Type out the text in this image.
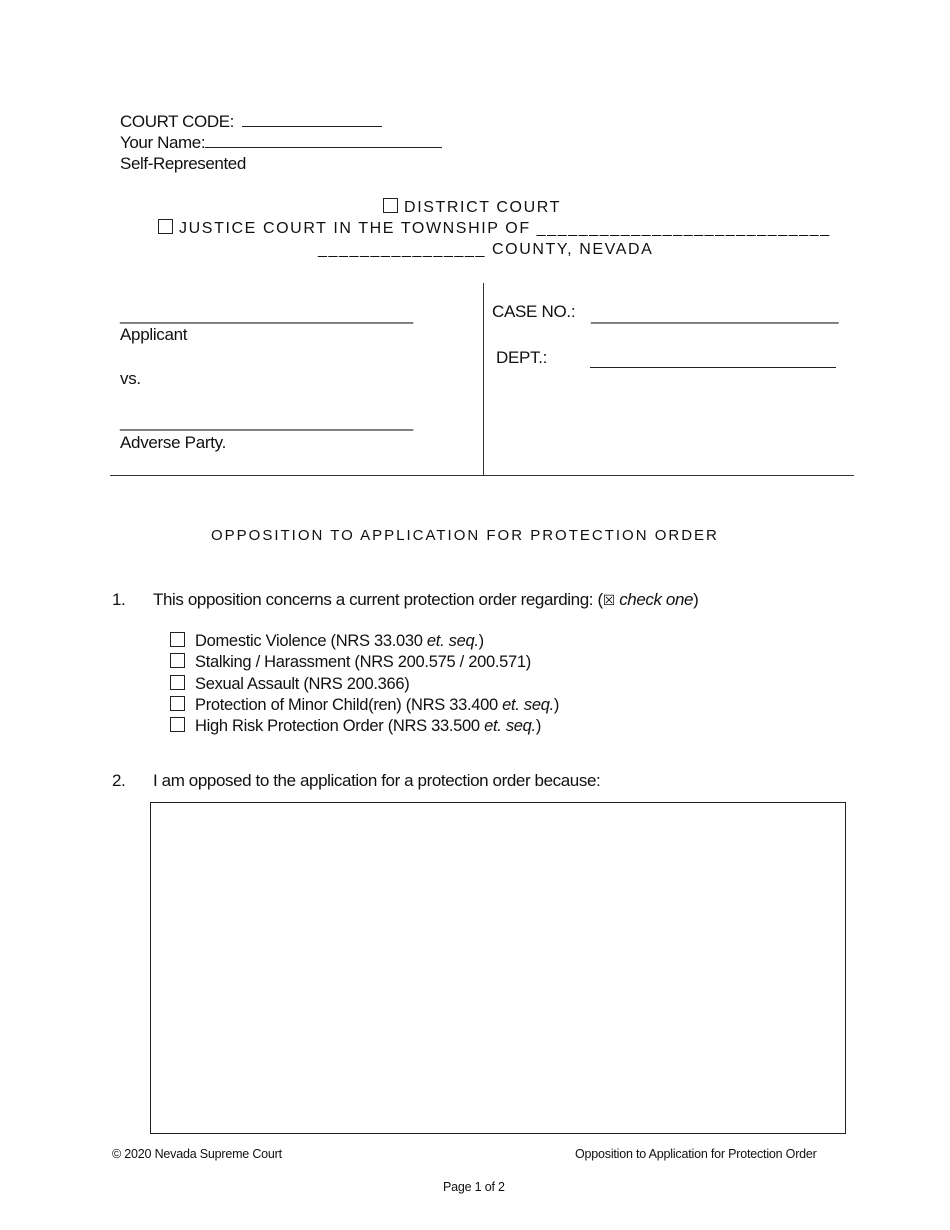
COURT CODE:
Your Name:
Self-Represented
DISTRICT COURT
JUSTICE COURT IN THE TOWNSHIP OF ____________________________
________________ COUNTY, NEVADA
________________________________
Applicant
vs.
________________________________
Adverse Party.
CASE NO.: ___________________________
DEPT.:
OPPOSITION TO APPLICATION FOR PROTECTION ORDER
1. This opposition concerns a current protection order regarding: (☒ check one)
Domestic Violence (NRS 33.030 et. seq.)
Stalking / Harassment (NRS 200.575 / 200.571)
Sexual Assault (NRS 200.366)
Protection of Minor Child(ren) (NRS 33.400 et. seq.)
High Risk Protection Order (NRS 33.500 et. seq.)
2. I am opposed to the application for a protection order because:
© 2020 Nevada Supreme Court	Opposition to Application for Protection Order
Page 1 of 2
